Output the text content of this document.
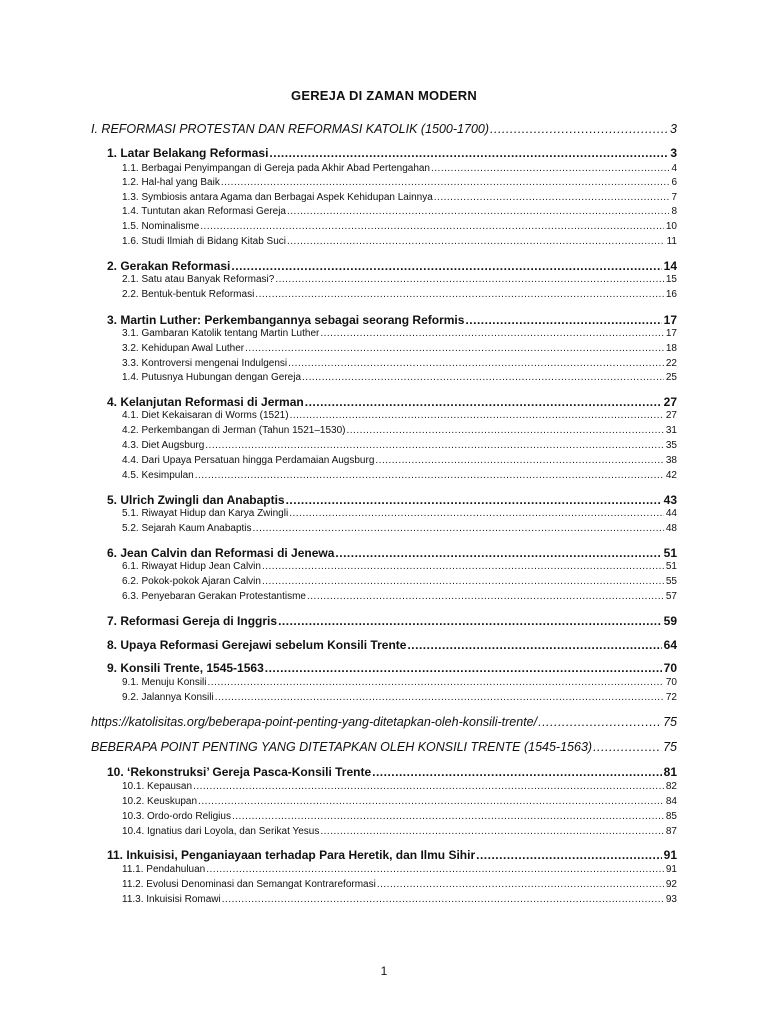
GEREJA DI ZAMAN MODERN
I. REFORMASI PROTESTAN DAN REFORMASI KATOLIK (1500-1700) .....	3
1. Latar Belakang Reformasi .....	3
1.1. Berbagai Penyimpangan di Gereja pada Akhir Abad Pertengahan .....	4
1.2. Hal-hal yang Baik .....	6
1.3. Symbiosis antara Agama dan Berbagai Aspek Kehidupan Lainnya .....	7
1.4. Tuntutan akan Reformasi Gereja .....	8
1.5. Nominalisme .....	10
1.6. Studi Ilmiah di Bidang Kitab Suci .....	11
2. Gerakan Reformasi .....	14
2.1. Satu atau Banyak Reformasi? .....	15
2.2. Bentuk-bentuk Reformasi .....	16
3. Martin Luther: Perkembangannya sebagai seorang Reformis .....	17
3.1. Gambaran Katolik tentang Martin Luther .....	17
3.2. Kehidupan Awal Luther .....	18
3.3. Kontroversi mengenai Indulgensi .....	22
1.4. Putusnya Hubungan dengan Gereja .....	25
4. Kelanjutan Reformasi di Jerman .....	27
4.1. Diet Kekaisaran di Worms (1521) .....	27
4.2. Perkembangan di Jerman (Tahun 1521–1530) .....	31
4.3. Diet Augsburg .....	35
4.4. Dari Upaya Persatuan hingga Perdamaian Augsburg .....	38
4.5. Kesimpulan .....	42
5. Ulrich Zwingli dan Anabaptis .....	43
5.1. Riwayat Hidup dan Karya Zwingli .....	44
5.2. Sejarah Kaum Anabaptis .....	48
6. Jean Calvin dan Reformasi di Jenewa .....	51
6.1. Riwayat Hidup Jean Calvin .....	51
6.2. Pokok-pokok Ajaran Calvin .....	55
6.3. Penyebaran Gerakan Protestantisme .....	57
7. Reformasi Gereja di Inggris .....	59
8. Upaya Reformasi Gerejawi sebelum Konsili Trente .....	64
9. Konsili Trente, 1545-1563 .....	70
9.1. Menuju Konsili .....	70
9.2. Jalannya Konsili .....	72
https://katolisitas.org/beberapa-point-penting-yang-ditetapkan-oleh-konsili-trente/ .....	75
BEBERAPA POINT PENTING YANG DITETAPKAN OLEH KONSILI TRENTE (1545-1563) .....	75
10. ‘Rekonstruksi’ Gereja Pasca-Konsili Trente .....	81
10.1. Kepausan .....	82
10.2. Keuskupan .....	84
10.3. Ordo-ordo Religius .....	85
10.4. Ignatius dari Loyola, dan Serikat Yesus .....	87
11. Inkuisisi, Penganiayaan terhadap Para Heretik, dan Ilmu Sihir .....	91
11.1. Pendahuluan .....	91
11.2. Evolusi Denominasi dan Semangat Kontrareformasi .....	92
11.3. Inkuisisi Romawi .....	93
1
